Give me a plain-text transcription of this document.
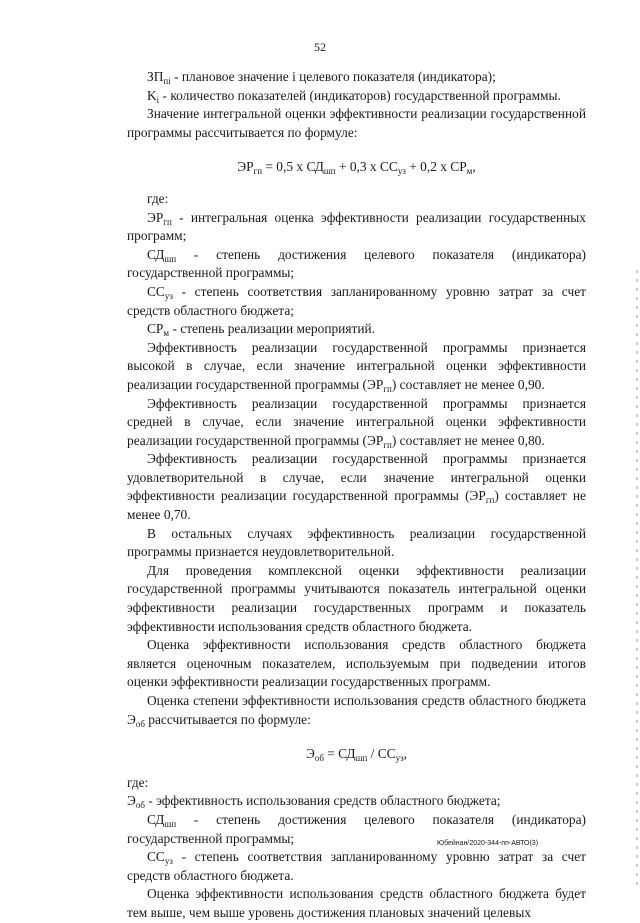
52

$ЗП_{пi}$ - плановое значение i целевого показателя (индикатора);

$K_i$ - количество показателей (индикаторов) государственной программы.

Значение интегральной оценки эффективности реализации государственной программы рассчитывается по формуле:

$ЭР_{гп} = 0,5$ х $СД_{шп} + 0,3$ х $СС_{уз} + 0,2$ х $СР_м$,

где:

$ЭР_{гп}$ - интегральная оценка эффективности реализации государственных программ;

$СД_{шп}$ - степень достижения целевого показателя (индикатора) государственной программы;

$СС_{уз}$ - степень соответствия запланированному уровню затрат за счет средств областного бюджета;

$СР_м$ - степень реализации мероприятий.

Эффективность реализации государственной программы признается высокой в случае, если значение интегральной оценки эффективности реализации государственной программы $(ЭР_{гп})$ составляет не менее 0,90.

Эффективность реализации государственной программы признается средней в случае, если значение интегральной оценки эффективности реализации государственной программы $(ЭР_{гп})$ составляет не менее 0,80.

Эффективность реализации государственной программы признается удовлетворительной в случае, если значение интегральной оценки эффективности реализации государственной программы $(ЭР_{гп})$ составляет не менее 0,70.

В остальных случаях эффективность реализации государственной программы признается неудовлетворительной.

Для проведения комплексной оценки эффективности реализации государственной программы учитываются показатель интегральной оценки эффективности реализации государственных программ и показатель эффективности использования средств областного бюджета.

Оценка эффективности использования средств областного бюджета является оценочным показателем, используемым при подведении итогов оценки эффективности реализации государственных программ.

Оценка степени эффективности использования средств областного бюджета $Э_{об}$ рассчитывается по формуле:

$Э_{об} = СД_{шп} / СС_{уз}$,

где:

$Э_{об}$ - эффективность использования средств областного бюджета;

$СД_{шп}$ - степень достижения целевого показателя (индикатора) государственной программы;

$СС_{уз}$ - степень соответствия запланированному уровню затрат за счет средств областного бюджета.

Оценка эффективности использования средств областного бюджета будет тем выше, чем выше уровень достижения плановых значений целевых

Юбейнан/2020-344-пп-АВТО(3)
